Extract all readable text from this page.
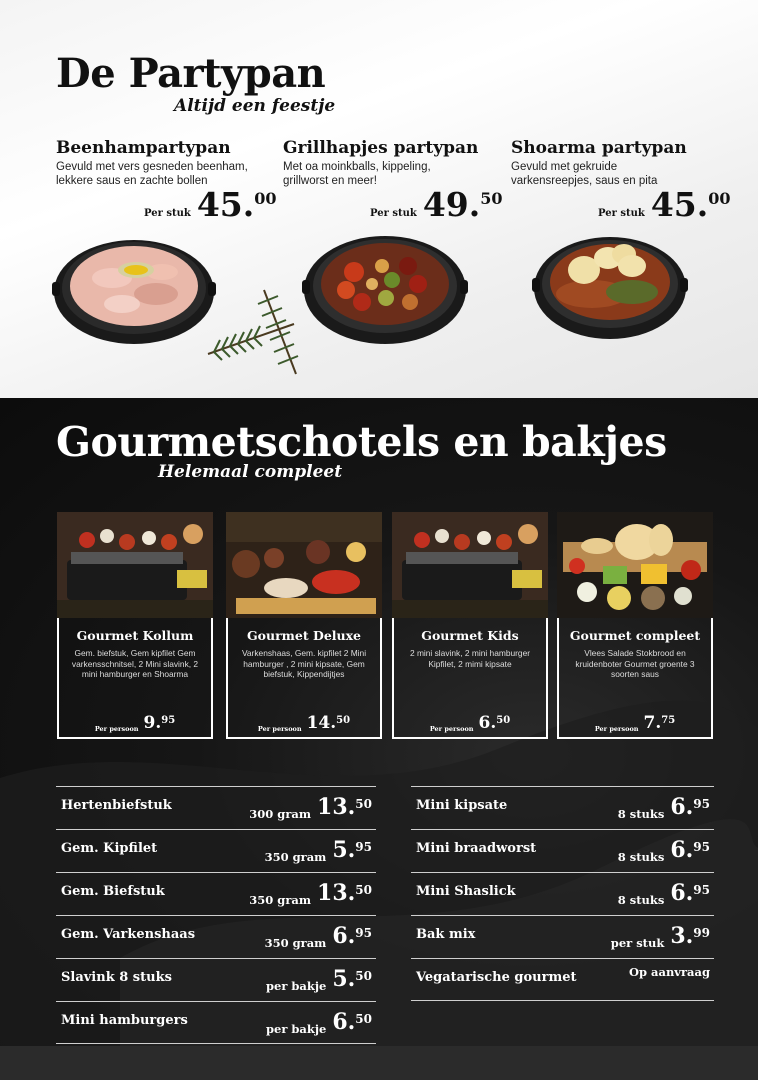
De Partypan
Altijd een feestje
Beenhampartypan
Gevuld met vers gesneden beenham, lekkere saus en zachte bollen
Per stuk 45. 00
Grillhapjes partypan
Met oa moinkballs, kippeling, grillworst en meer!
Per stuk 49. 50
Shoarma partypan
Gevuld met gekruide varkensreepjes, saus en pita
Per stuk 45. 00
Gourmetschotels en bakjes
Helemaal compleet
Gourmet Kollum
Gem. biefstuk, Gem kipfilet Gem varkensschnitsel, 2 Mini slavink, 2 mini hamburger en Shoarma
Per persoon 9. 95
Gourmet Deluxe
Varkenshaas, Gem. kipfilet 2 Mini hamburger , 2 mini kipsate, Gem biefstuk, Kippendijtjes
Per persoon 14. 50
Gourmet Kids
2 mini slavink, 2 mini hamburger Kipfilet, 2 mimi kipsate
Per persoon 6. 50
Gourmet compleet
Vlees Salade Stokbrood en kruidenboter Gourmet groente 3 soorten saus
Per persoon 7. 75
Hertenbiefstuk
300 gram 13. 50
Gem. Kipfilet
350 gram 5. 95
Gem. Biefstuk
350 gram 13. 50
Gem. Varkenshaas
350 gram 6. 95
Slavink 8 stuks
per bakje 5. 50
Mini hamburgers
per bakje 6. 50
Mini kipsate
8 stuks 6. 95
Mini braadworst
8 stuks 6. 95
Mini Shaslick
8 stuks 6. 95
Bak mix
per stuk 3. 99
Vegatarische gourmet	Op aanvraag
